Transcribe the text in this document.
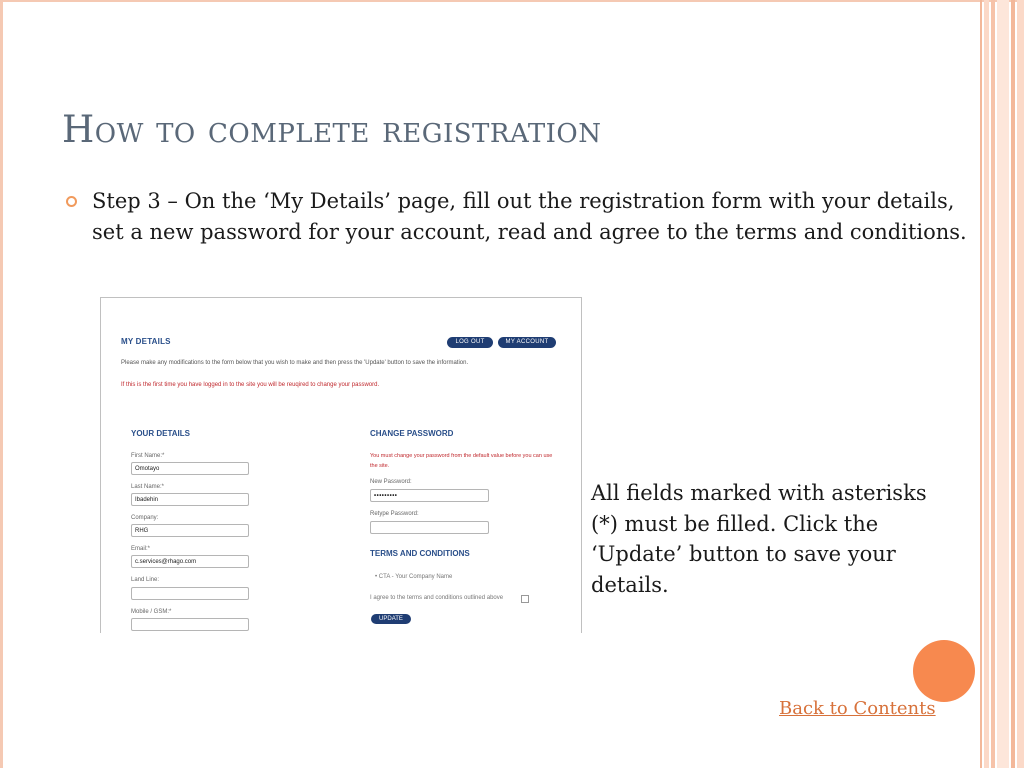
How to complete registration

Step 3 – On the ‘My Details’ page, fill out the registration form with your details, set a new password for your account, read and agree to the terms and conditions.

MY DETAILS	LOG OUT	MY ACCOUNT
Please make any modifications to the form below that you wish to make and then press the 'Update' button to save the information.
If this is the first time you have logged in to the site you will be reuqired to change your password.
YOUR DETAILS
First Name:*
Omotayo
Last Name:*
Ibadehin
Company:
RHG
Email:*
c.services@rhago.com
Land Line:
Mobile / GSM:*
CHANGE PASSWORD
You must change your password from the default value before you can use the site.
New Password:
•••••••••
Retype Password:
TERMS AND CONDITIONS
• CTA - Your Company Name
I agree to the terms and conditions outlined above
UPDATE

All fields marked with asterisks (*) must be filled. Click the ‘Update’ button to save your details.

Back to Contents
